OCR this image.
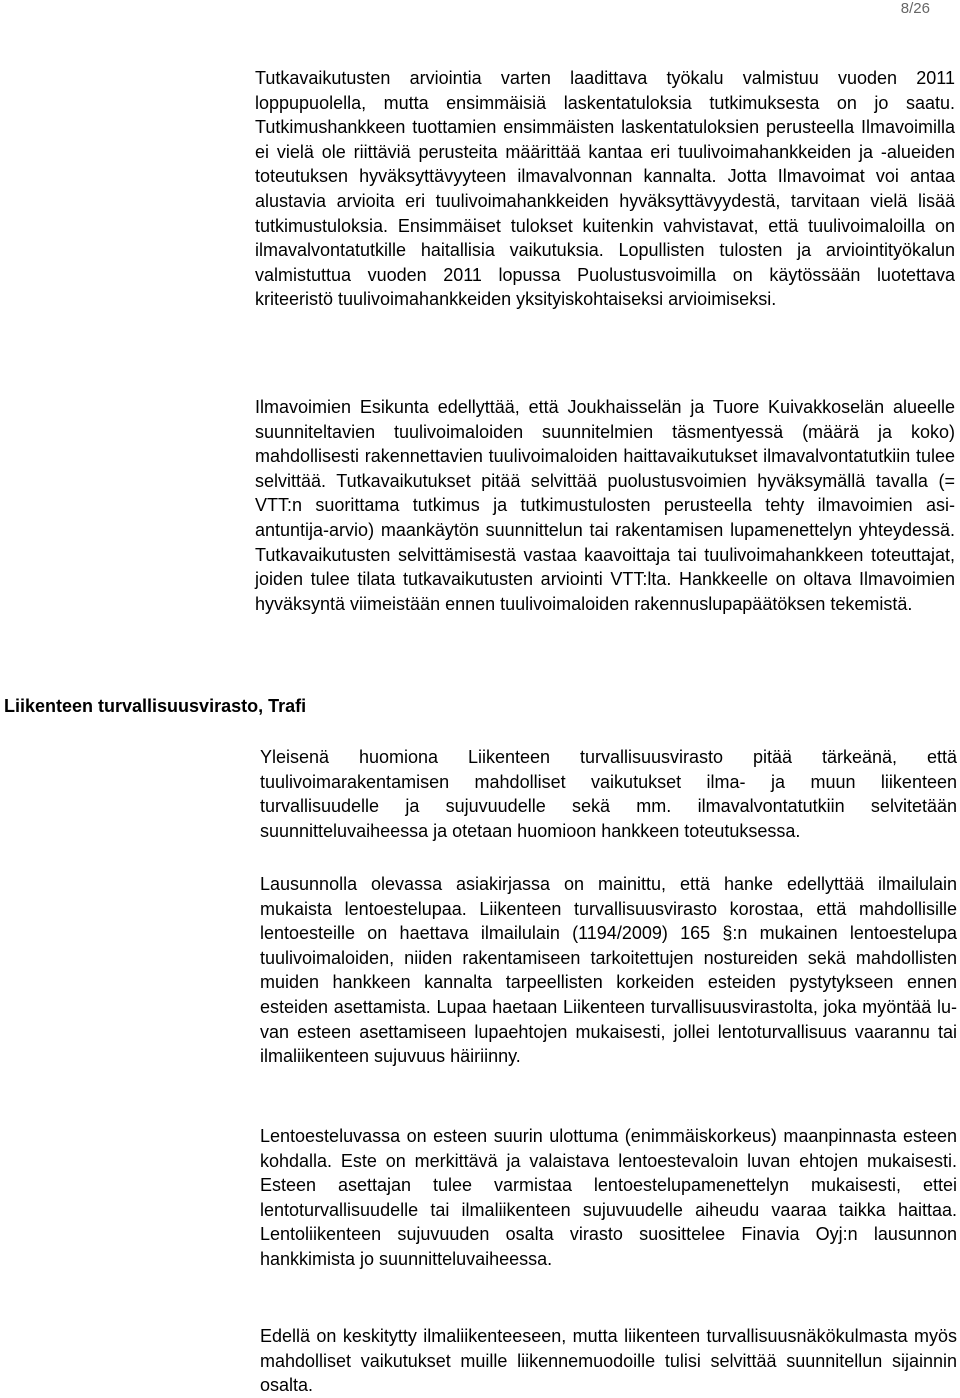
8/26

Tutkavaikutusten arviointia varten laadittava työkalu valmistuu vuoden 2011 loppupuolella, mutta ensimmäisiä laskentatuloksia tutkimuksesta on jo saatu. Tutkimushankkeen tuottamien ensimmäisten laskentatuloksien perusteella Ilmavoimilla ei vielä ole riittäviä perusteita määrittää kantaa eri tuulivoimahankkeiden ja -alueiden toteutuksen hyväksyttävyyteen ilmavalvonnan kannalta. Jotta Ilmavoimat voi antaa alustavia arvioita eri tuulivoimahankkeiden hyväksyttävyydestä, tarvitaan vielä lisää tutkimustuloksia. Ensimmäiset tulokset kuitenkin vahvistavat, että tuulivoimaloilla on ilmavalvontatutkille haitallisia vaikutuksia. Lopullisten tulosten ja arviointityökalun valmistuttua vuoden 2011 lopussa Puolustusvoimilla on käytössään luotettava kriteeristö tuulivoimahankkeiden yksityiskohtaiseksi arvioimiseksi.

Ilmavoimien Esikunta edellyttää, että Joukhaisselän ja Tuore Kuivakkoselän alueelle suunniteltavien tuulivoimaloiden suunnitelmien täsmentyessä (määrä ja koko) mahdollisesti rakennettavien tuulivoimaloiden haittavaikutukset ilmavalvontatutkiin tulee selvittää. Tutkavaikutukset pitää selvittää puolustusvoimien hyväksymällä tavalla (= VTT:n suorittama tutkimus ja tutkimustulosten perusteella tehty ilmavoimien asiantuntija-arvio) maankäytön suunnittelun tai rakentamisen lupamenettelyn yhteydessä. Tutkavaikutusten selvittämisestä vastaa kaavoittaja tai tuulivoimahankkeen toteuttajat, joiden tulee tilata tutkavaikutusten arviointi VTT:lta. Hankkeelle on oltava Ilmavoimien hyväksyntä viimeistään ennen tuulivoimaloiden rakennuslupapäätöksen tekemistä.

Liikenteen turvallisuusvirasto, Trafi

Yleisenä huomiona Liikenteen turvallisuusvirasto pitää tärkeänä, että tuulivoimarakentamisen mahdolliset vaikutukset ilma- ja muun liikenteen turvallisuudelle ja sujuvuudelle sekä mm. ilmavalvontatutkiin selvitetään suunnitteluvaiheessa ja otetaan huomioon hankkeen toteutuksessa.

Lausunnolla olevassa asiakirjassa on mainittu, että hanke edellyttää ilmailulain mukaista lentoestelupaa. Liikenteen turvallisuusvirasto korostaa, että mahdollisille lentoesteille on haettava ilmailulain (1194/2009) 165 §:n mukainen lentoestelupa tuulivoimaloiden, niiden rakentamiseen tarkoitettujen nostureiden sekä mahdollisten muiden hankkeen kannalta tarpeellisten korkeiden esteiden pystytykseen ennen esteiden asettamista. Lupaa haetaan Liikenteen turvallisuusvirastolta, joka myöntää luvan esteen asettamiseen lupaehtojen mukaisesti, jollei lentoturvallisuus vaarannu tai ilmaliikenteen sujuvuus häiriinny.

Lentoesteluvassa on esteen suurin ulottuma (enimmäiskorkeus) maanpinnasta esteen kohdalla. Este on merkittävä ja valaistava lentoestevaloin luvan ehtojen mukaisesti. Esteen asettajan tulee varmistaa lentoestelupamenettelyn mukaisesti, ettei lentoturvallisuudelle tai ilmaliikenteen sujuvuudelle aiheudu vaaraa taikka haittaa. Lentoliikenteen sujuvuuden osalta virasto suosittelee Finavia Oyj:n lausunnon hankkimista jo suunnitteluvaiheessa.

Edellä on keskitytty ilmaliikenteeseen, mutta liikenteen turvallisuusnäkökulmasta myös mahdolliset vaikutukset muille liikennemuodoille tulisi selvittää suunnitellun sijainnin osalta.
